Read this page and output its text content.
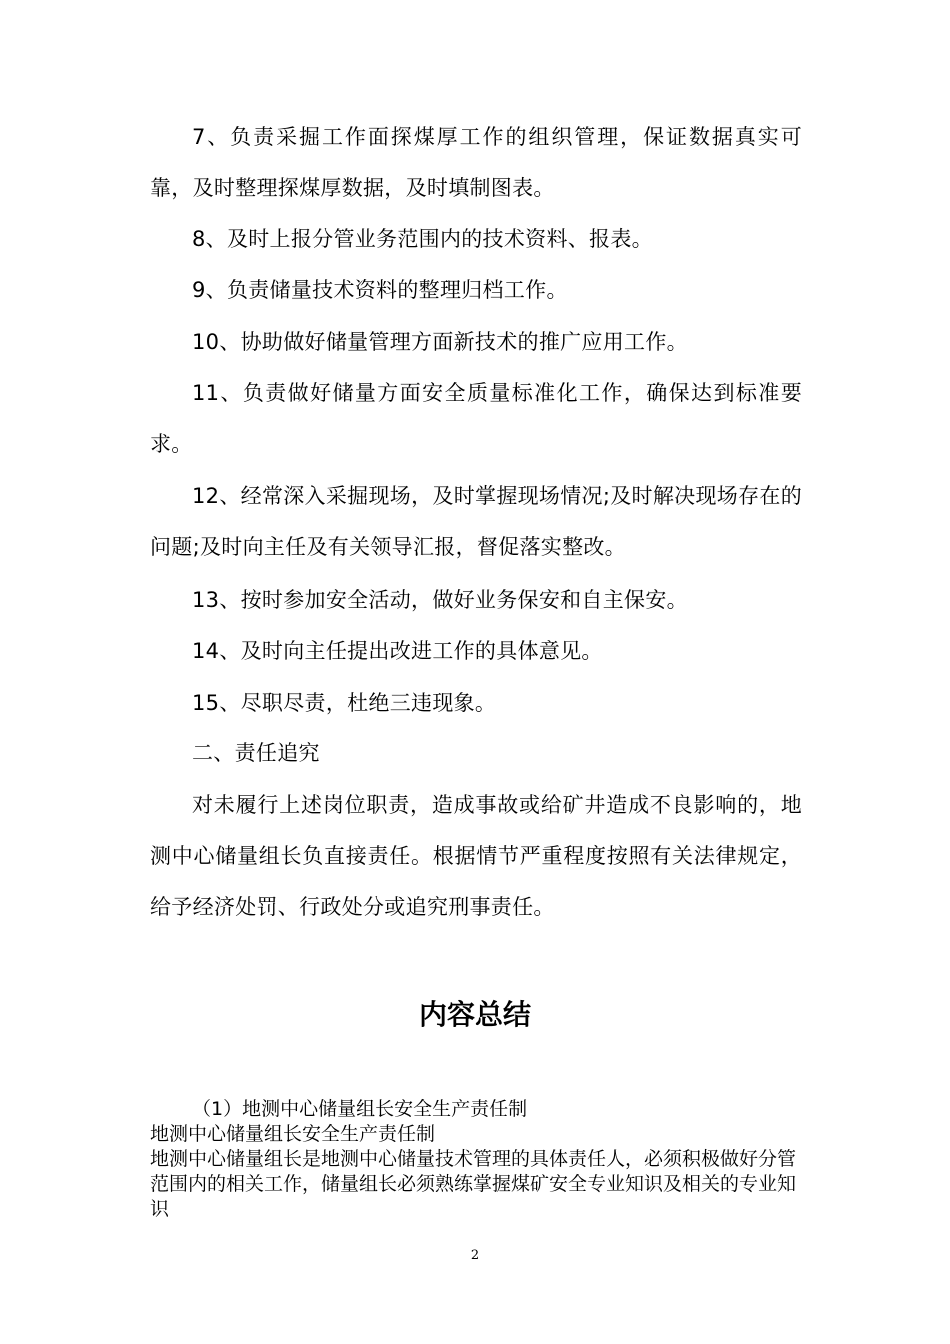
7、负责采掘工作面探煤厚工作的组织管理，保证数据真实可靠，及时整理探煤厚数据，及时填制图表。

8、及时上报分管业务范围内的技术资料、报表。

9、负责储量技术资料的整理归档工作。

10、协助做好储量管理方面新技术的推广应用工作。

11、负责做好储量方面安全质量标准化工作，确保达到标准要求。

12、经常深入采掘现场，及时掌握现场情况;及时解决现场存在的问题;及时向主任及有关领导汇报，督促落实整改。

13、按时参加安全活动，做好业务保安和自主保安。

14、及时向主任提出改进工作的具体意见。

15、尽职尽责，杜绝三违现象。

二、责任追究

对未履行上述岗位职责，造成事故或给矿井造成不良影响的，地测中心储量组长负直接责任。根据情节严重程度按照有关法律规定，给予经济处罚、行政处分或追究刑事责任。

内容总结

（1）地测中心储量组长安全生产责任制

地测中心储量组长安全生产责任制

地测中心储量组长是地测中心储量技术管理的具体责任人，必须积极做好分管范围内的相关工作，储量组长必须熟练掌握煤矿安全专业知识及相关的专业知识

2
